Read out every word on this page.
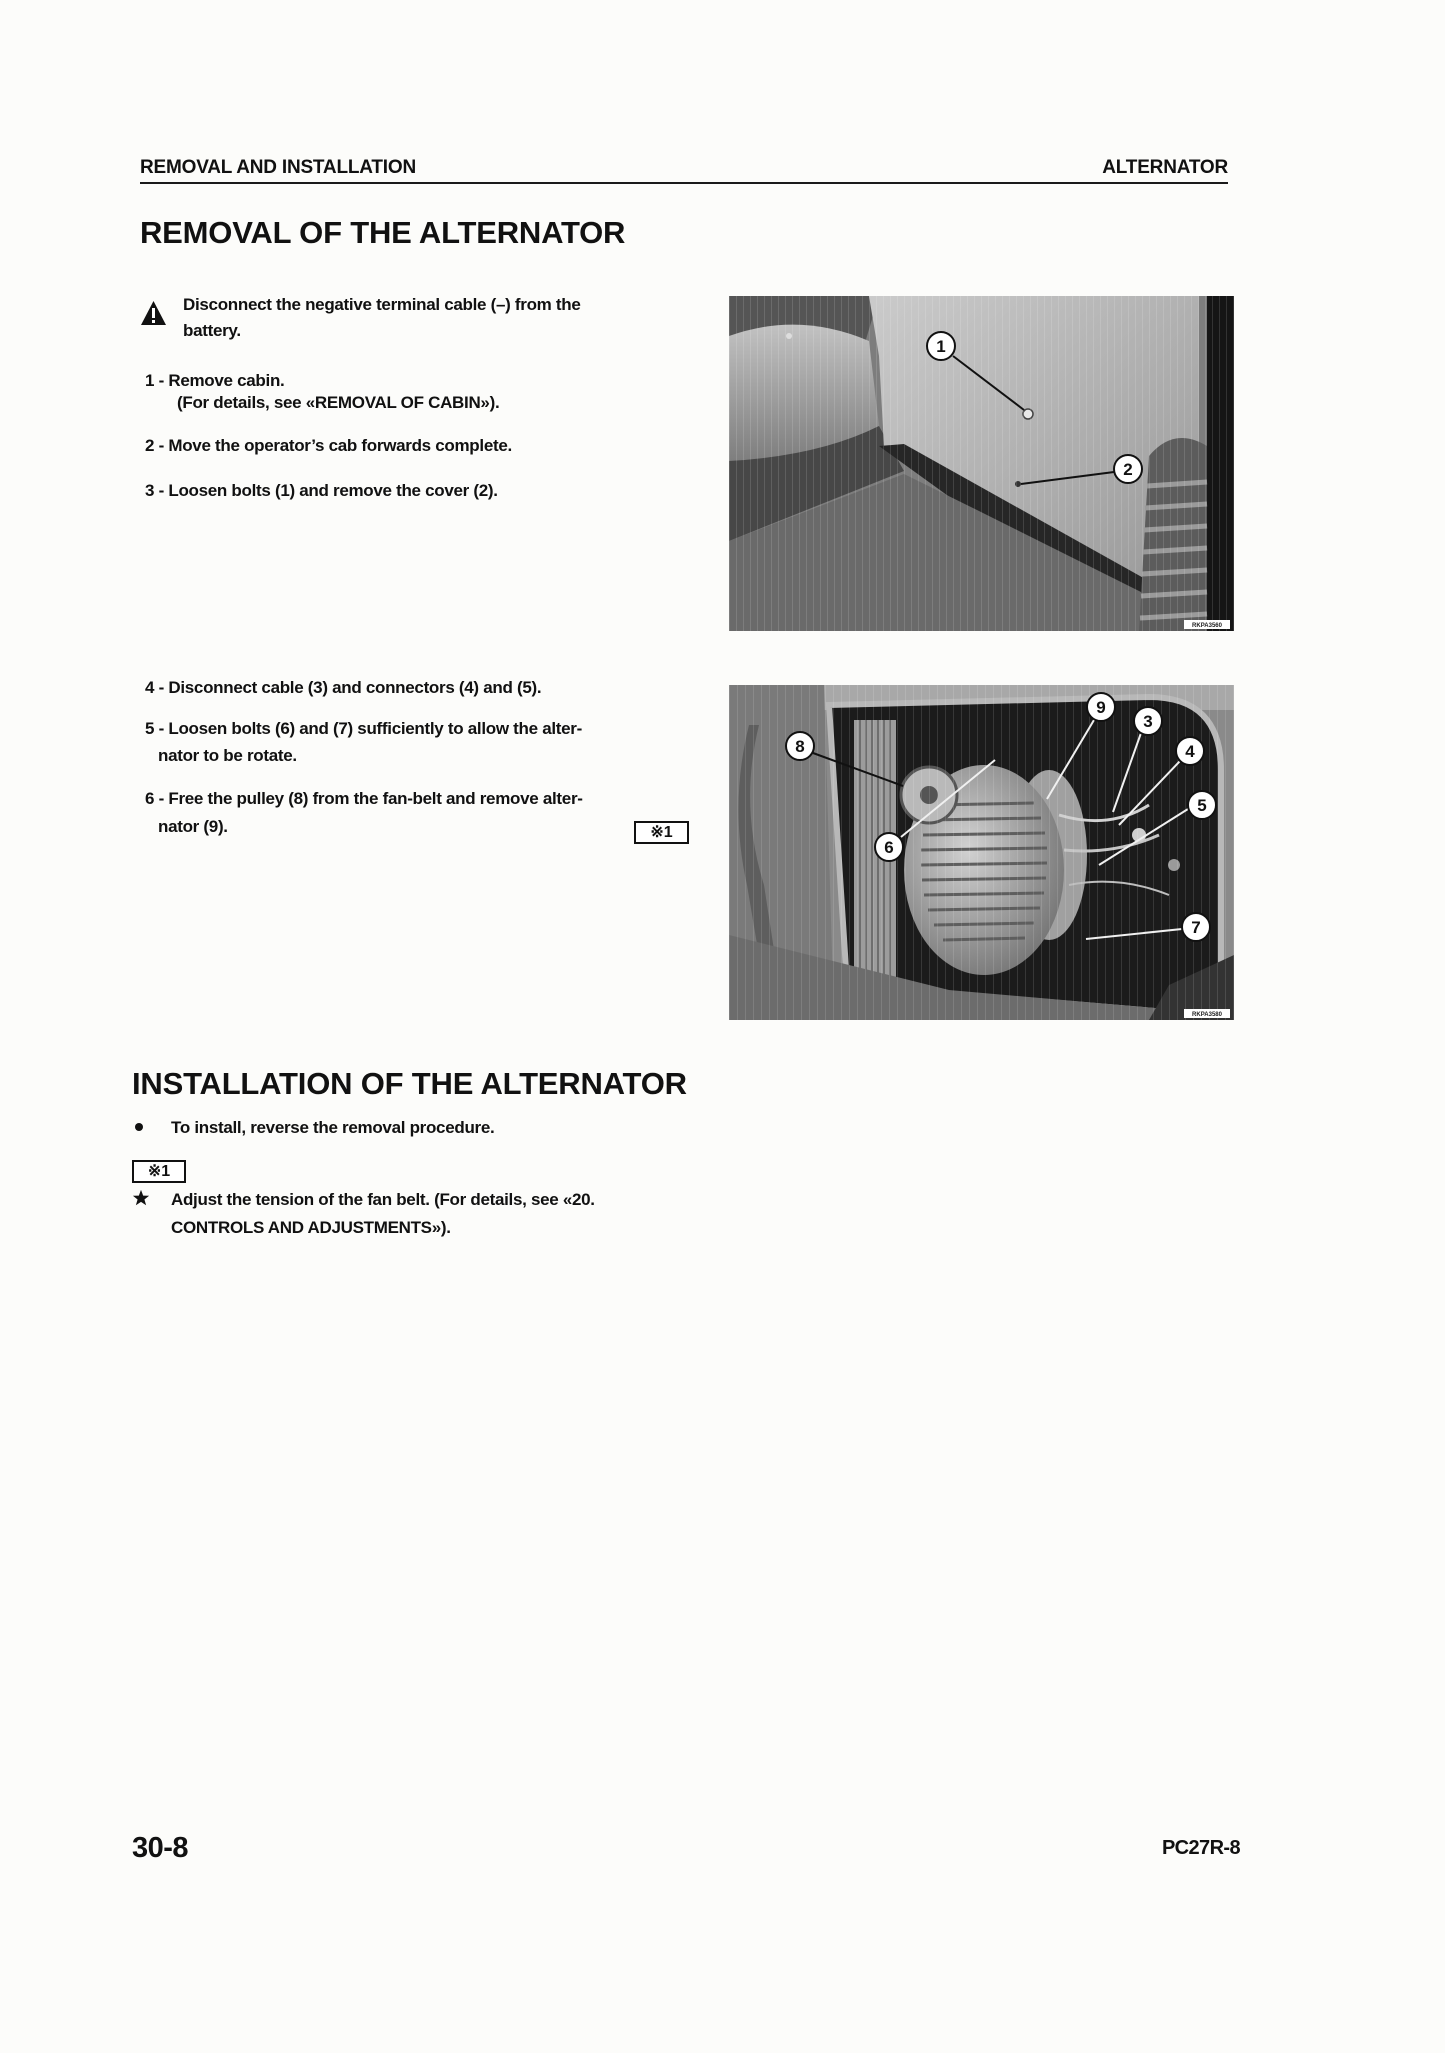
REMOVAL AND INSTALLATION	ALTERNATOR
REMOVAL OF THE ALTERNATOR
Disconnect the negative terminal cable (–) from the
battery.
1 - Remove cabin.
(For details, see «REMOVAL OF CABIN»).
2 - Move the operator’s cab forwards complete.
3 - Loosen bolts (1) and remove the cover (2).
1
2
RKPA3560
4 - Disconnect cable (3) and connectors (4) and (5).
5 - Loosen bolts (6) and (7) sufficiently to allow the alter-
nator to be rotate.
6 - Free the pulley (8) from the fan-belt and remove alter-
nator (9).	※1
9
3
4
8
5
6
7
RKPA3580
INSTALLATION OF THE ALTERNATOR
To install, reverse the removal procedure.
※1
Adjust the tension of the fan belt. (For details, see «20.
CONTROLS AND ADJUSTMENTS»).
30-8	PC27R-8
